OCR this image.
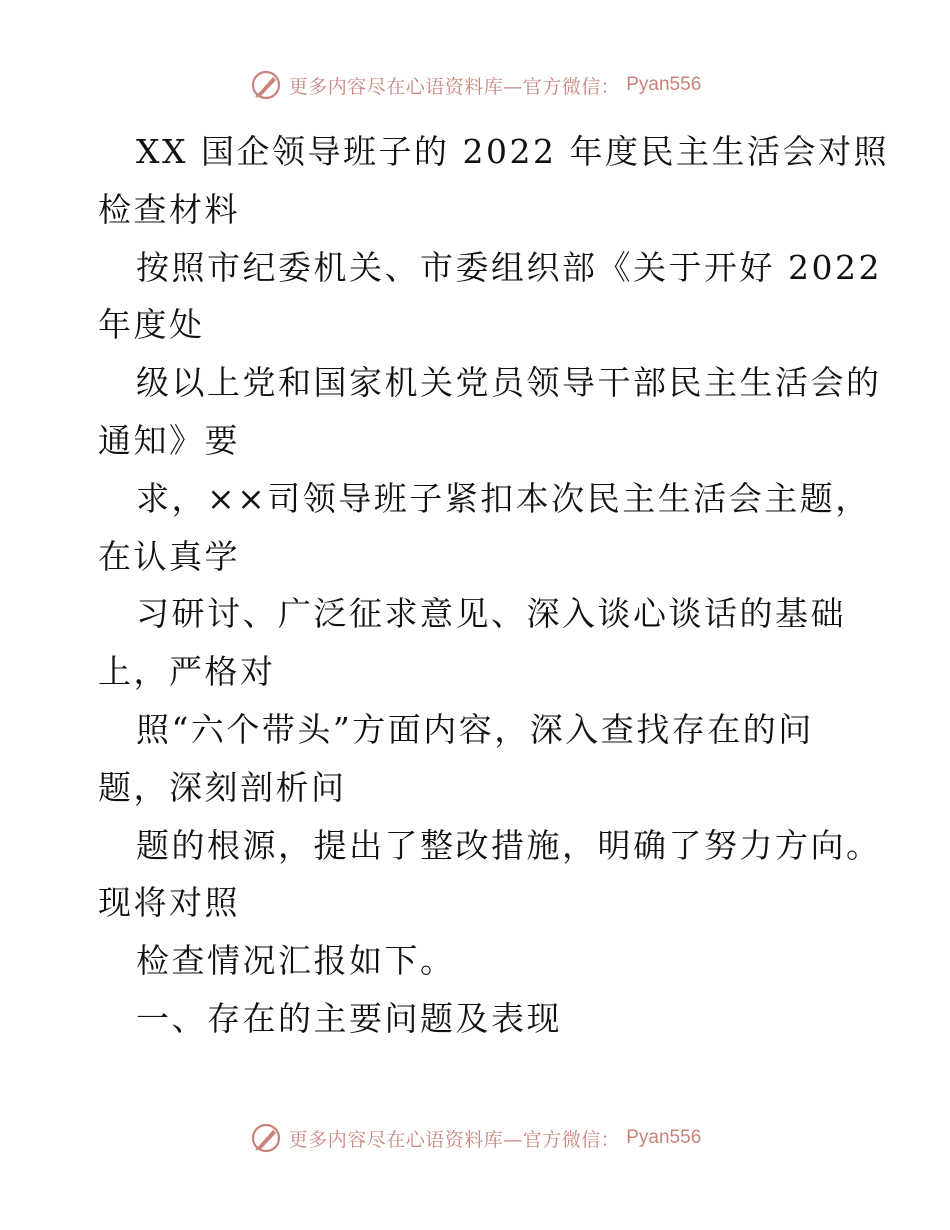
更多内容尽在心语资料库—官方微信： Pyan556
XX 国企领导班子的 2022 年度民主生活会对照
检查材料
按照市纪委机关、市委组织部《关于开好 2022
年度处
级以上党和国家机关党员领导干部民主生活会的
通知》要
求，××司领导班子紧扣本次民主生活会主题，
在认真学
习研讨、广泛征求意见、深入谈心谈话的基础
上，严格对
照“六个带头”方面内容，深入查找存在的问
题，深刻剖析问
题的根源，提出了整改措施，明确了努力方向。
现将对照
检查情况汇报如下。
一、存在的主要问题及表现
更多内容尽在心语资料库—官方微信： Pyan556
